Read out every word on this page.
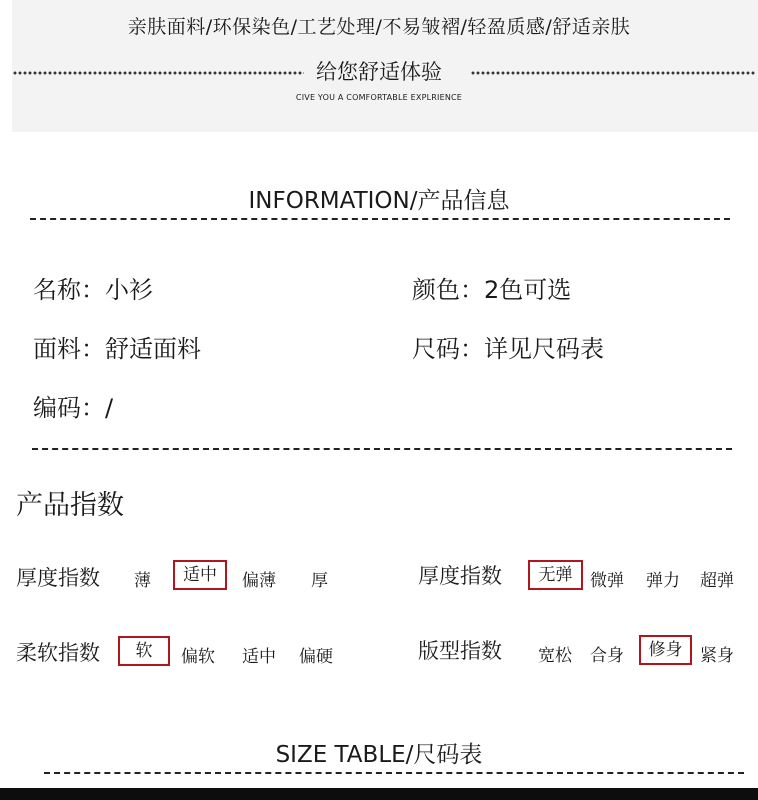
亲肤面料/环保染色/工艺处理/不易皱褶/轻盈质感/舒适亲肤
给您舒适体验
CIVE YOU A COMFORTABLE EXPLRIENCE
INFORMATION/产品信息
名称：小衫	颜色：2色可选
面料：舒适面料	尺码：详见尺码表
编码：/
产品指数
厚度指数 薄	适中	偏薄 厚	厚度指数	无弹	微弹 弹力 超弹
柔软指数	软	偏软 适中 偏硬	版型指数 宽松 合身	修身	紧身
SIZE TABLE/尺码表
